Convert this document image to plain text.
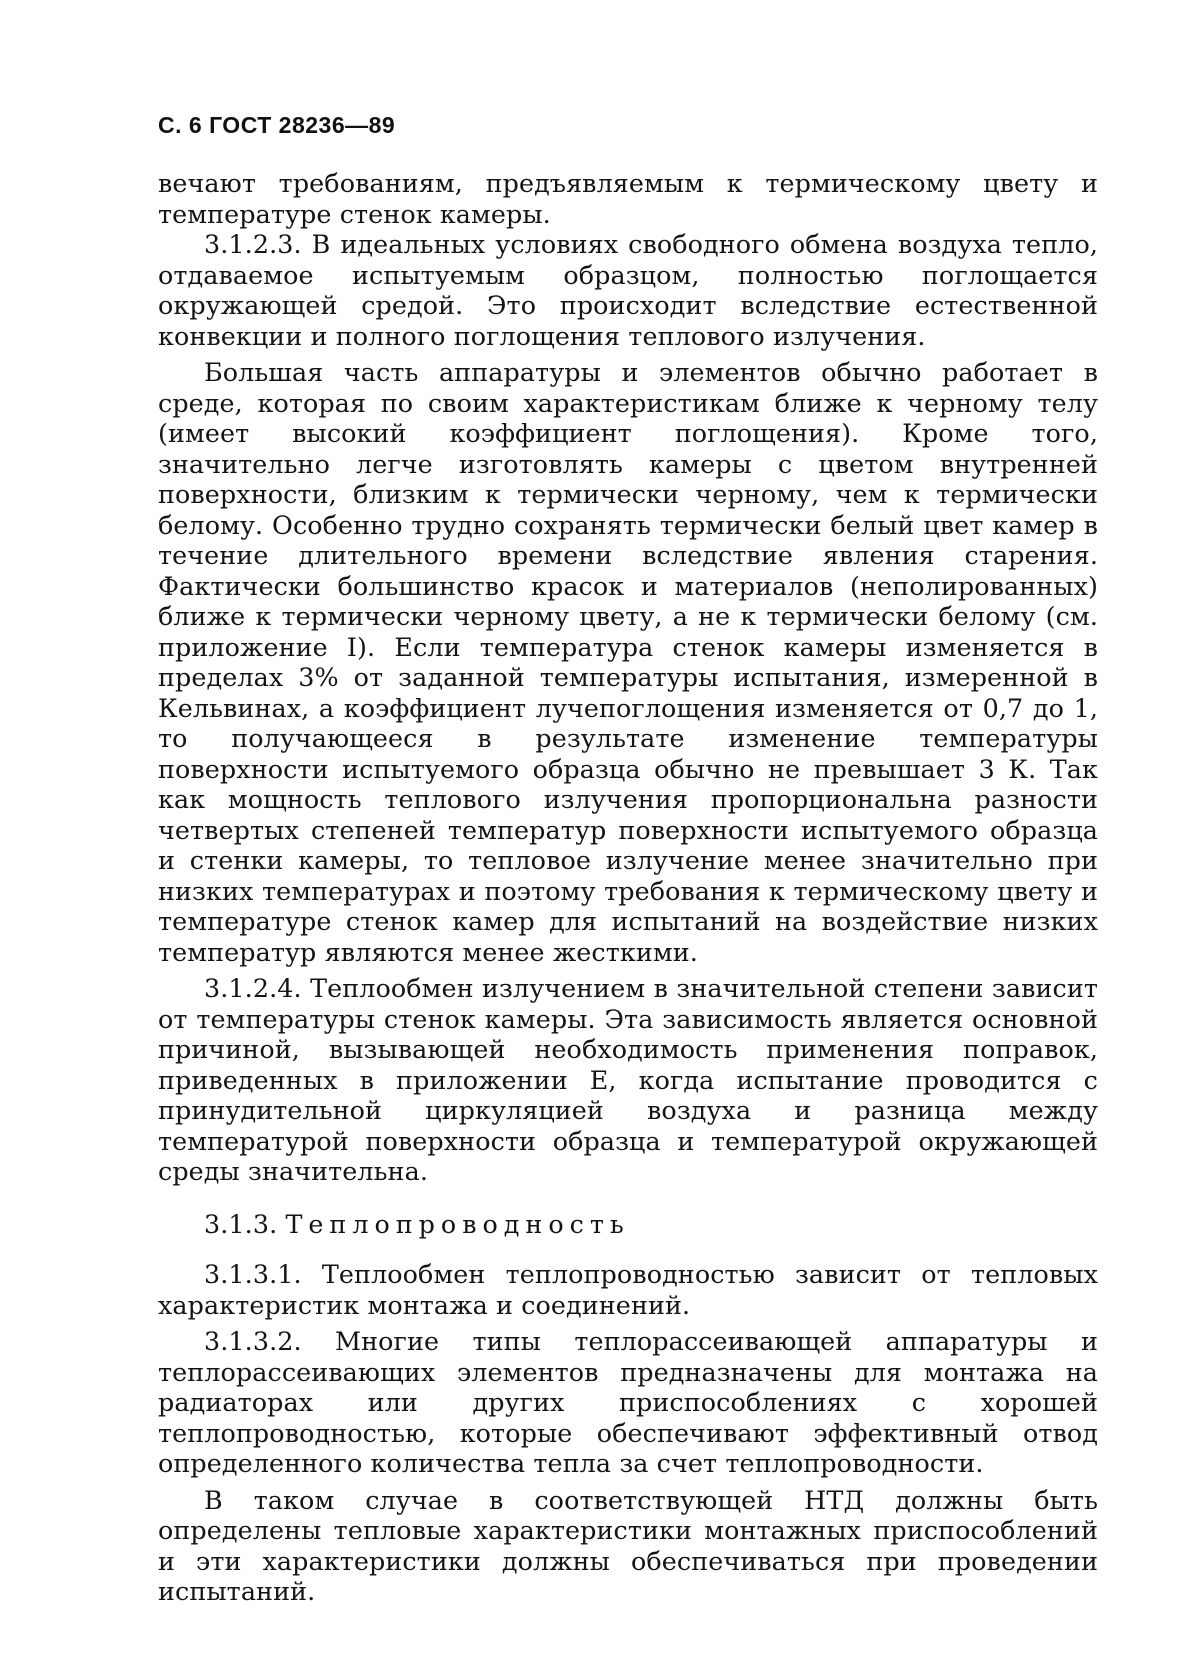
С. 6 ГОСТ 28236—89

вечают требованиям, предъявляемым к термическому цвету и температуре стенок камеры.

3.1.2.3. В идеальных условиях свободного обмена воздуха тепло, отдаваемое испытуемым образцом, полностью поглощается окружающей средой. Это происходит вследствие естественной конвекции и полного поглощения теплового излучения.

Большая часть аппаратуры и элементов обычно работает в среде, которая по своим характеристикам ближе к черному телу (имеет высокий коэффициент поглощения). Кроме того, значительно легче изготовлять камеры с цветом внутренней поверхности, близким к термически черному, чем к термически белому. Особенно трудно сохранять термически белый цвет камер в течение длительного времени вследствие явления старения. Фактически большинство красок и материалов (неполированных) ближе к термически черному цвету, а не к термически белому (см. приложение I). Если температура стенок камеры изменяется в пределах 3% от заданной температуры испытания, измеренной в Кельвинах, а коэффициент лучепоглощения изменяется от 0,7 до 1, то получающееся в результате изменение температуры поверхности испытуемого образца обычно не превышает 3 К. Так как мощность теплового излучения пропорциональна разности четвертых степеней температур поверхности испытуемого образца и стенки камеры, то тепловое излучение менее значительно при низких температурах и поэтому требования к термическому цвету и температуре стенок камер для испытаний на воздействие низких температур являются менее жесткими.

3.1.2.4. Теплообмен излучением в значительной степени зависит от температуры стенок камеры. Эта зависимость является основной причиной, вызывающей необходимость применения поправок, приведенных в приложении Е, когда испытание проводится с принудительной циркуляцией воздуха и разница между температурой поверхности образца и температурой окружающей среды значительна.

3.1.3. Теплопроводность

3.1.3.1. Теплообмен теплопроводностью зависит от тепловых характеристик монтажа и соединений.

3.1.3.2. Многие типы теплорассеивающей аппаратуры и теплорассеивающих элементов предназначены для монтажа на радиаторах или других приспособлениях с хорошей теплопроводностью, которые обеспечивают эффективный отвод определенного количества тепла за счет теплопроводности.

В таком случае в соответствующей НТД должны быть определены тепловые характеристики монтажных приспособлений и эти характеристики должны обеспечиваться при проведении испытаний.
